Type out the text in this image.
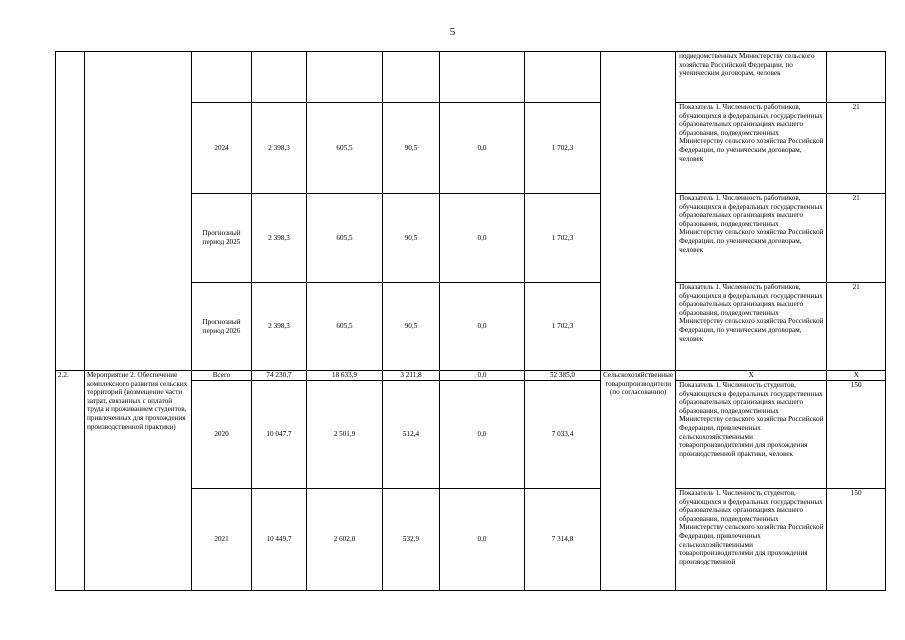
5
									подведомственных Министерству сельского хозяйства Российской Федерации, по ученическим договорам, человек	
		2024	2 398,3	605,5	90,5	0,0	1 702,3		Показатель 1. Численность работников, обучающихся в федеральных государственных образовательных организациях высшего образования, подведомственных Министерству сельского хозяйства Российской Федерации, по ученическим договорам, человек	21
		Прогнозный период 2025	2 398,3	605,5	90,5	0,0	1 702,3		Показатель 1. Численность работников, обучающихся в федеральных государственных образовательных организациях высшего образования, подведомственных Министерству сельского хозяйства Российской Федерации, по ученическим договорам, человек	21
		Прогнозный период 2026	2 398,3	605,5	90,5	0,0	1 702,3		Показатель 1. Численность работников, обучающихся в федеральных государственных образовательных организациях высшего образования, подведомственных Министерству сельского хозяйства Российской Федерации, по ученическим договорам, человек	21
2.2.	Мероприятие 2. Обеспечение комплексного развития сельских территорий (возмещение части затрат, связанных с оплатой труда и проживанием студентов, привлеченных для прохождения производственной практики)	Всего	74 230,7	18 633,9	3 211,8	0,0	52 385,0	Сельскохозяйственные товаропроизводители (по согласованию)	X	X
		2020	10 047,7	2 501,9	512,4	0,0	7 033,4		Показатель 1. Численность студентов, обучающихся в федеральных государственных образовательных организациях высшего образования, подведомственных Министерству сельского хозяйства Российской Федерации, привлеченных сельскохозяйственными товаропроизводителями для прохождения производственной практики, человек	150
		2021	10 449,7	2 602,0	532,9	0,0	7 314,8		Показатель 1. Численность студентов, обучающихся в федеральных государственных образовательных организациях высшего образования, подведомственных Министерству сельского хозяйства Российской Федерации, привлеченных сельскохозяйственными товаропроизводителями для прохождения производственной	150
